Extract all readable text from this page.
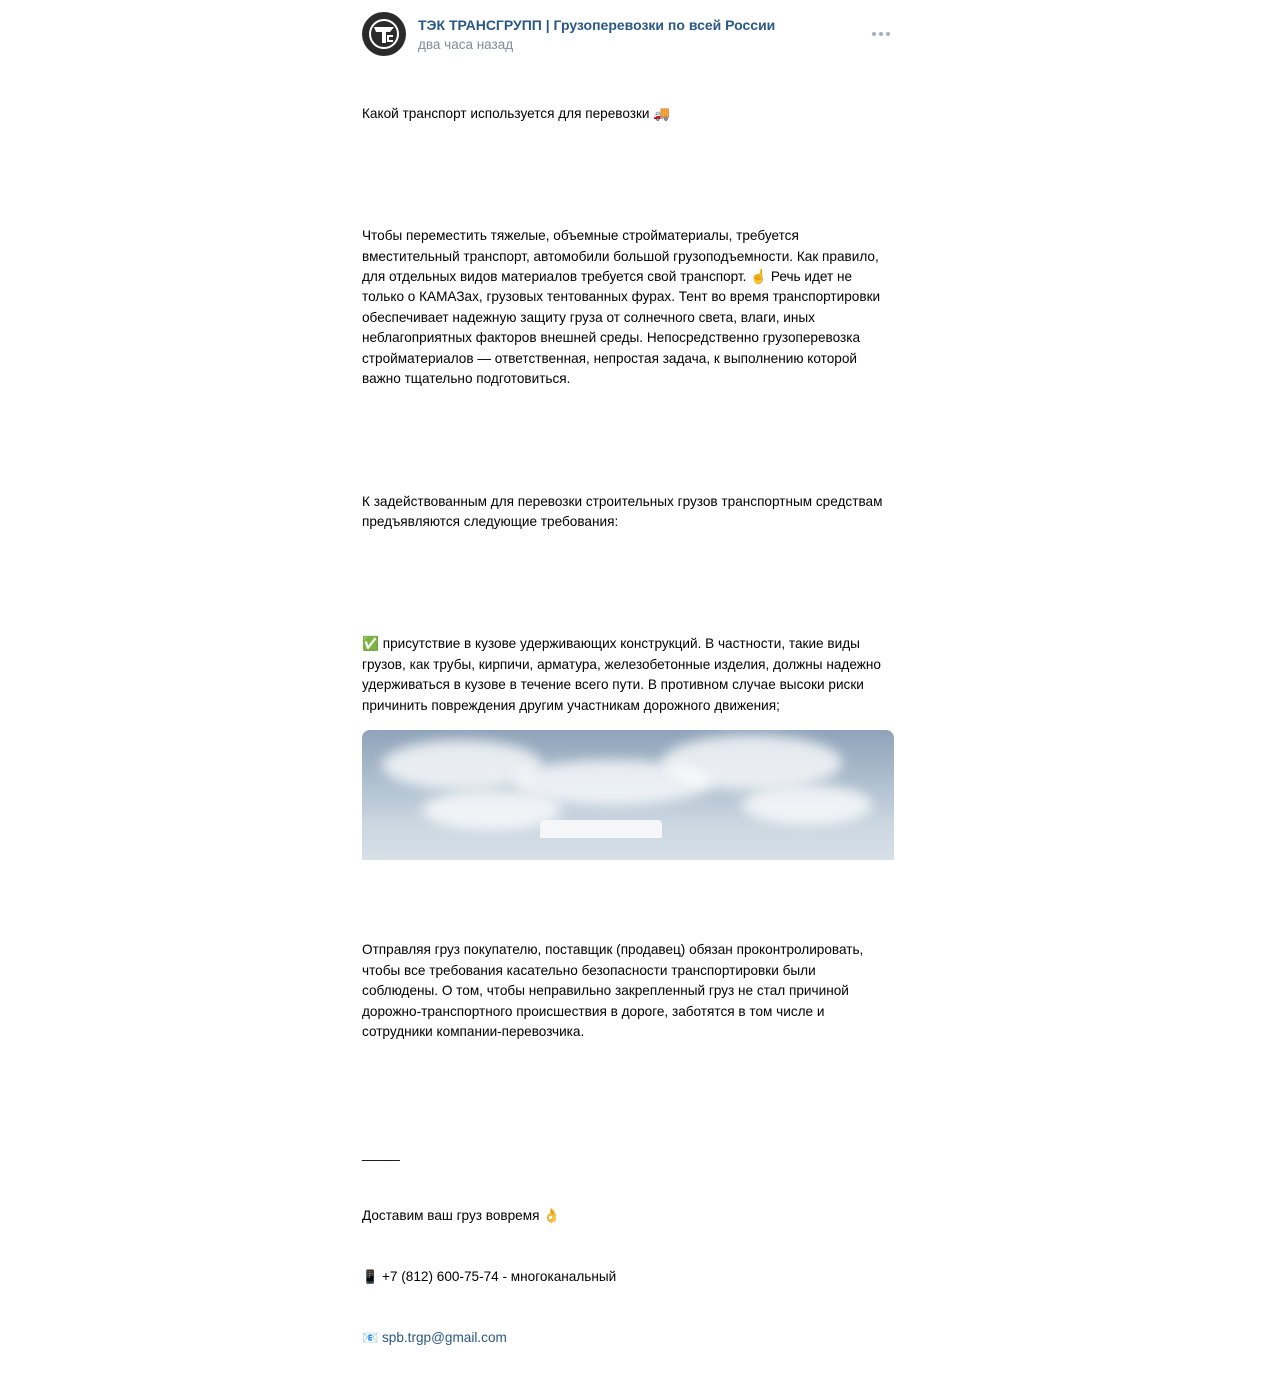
ТЭК ТРАНСГРУПП | Грузоперевозки по всей России
два часа назад

Какой транспорт используется для перевозки 🚚

Чтобы переместить тяжелые, объемные стройматериалы, требуется вместительный транспорт, автомобили большой грузоподъемности. Как правило, для отдельных видов материалов требуется свой транспорт. ☝ Речь идет не только о КАМАЗах, грузовых тентованных фурах. Тент во время транспортировки обеспечивает надежную защиту груза от солнечного света, влаги, иных неблагоприятных факторов внешней среды. Непосредственно грузоперевозка стройматериалов — ответственная, непростая задача, к выполнению которой важно тщательно подготовиться.

К задействованным для перевозки строительных грузов транспортным средствам предъявляются следующие требования:

✅ присутствие в кузове удерживающих конструкций. В частности, такие виды грузов, как трубы, кирпичи, арматура, железобетонные изделия, должны надежно удерживаться в кузове в течение всего пути. В противном случае высоки риски причинить повреждения другим участникам дорожного движения;

Отправляя груз покупателю, поставщик (продавец) обязан проконтролировать, чтобы все требования касательно безопасности транспортировки были соблюдены. О том, чтобы неправильно закрепленный груз не стал причиной дорожно-транспортного происшествия в дороге, заботятся в том числе и сотрудники компании-перевозчика.

_____

Доставим ваш груз вовремя 👌

📱 +7 (812) 600-75-74 - многоканальный

📧 spb.trgp@gmail.com
